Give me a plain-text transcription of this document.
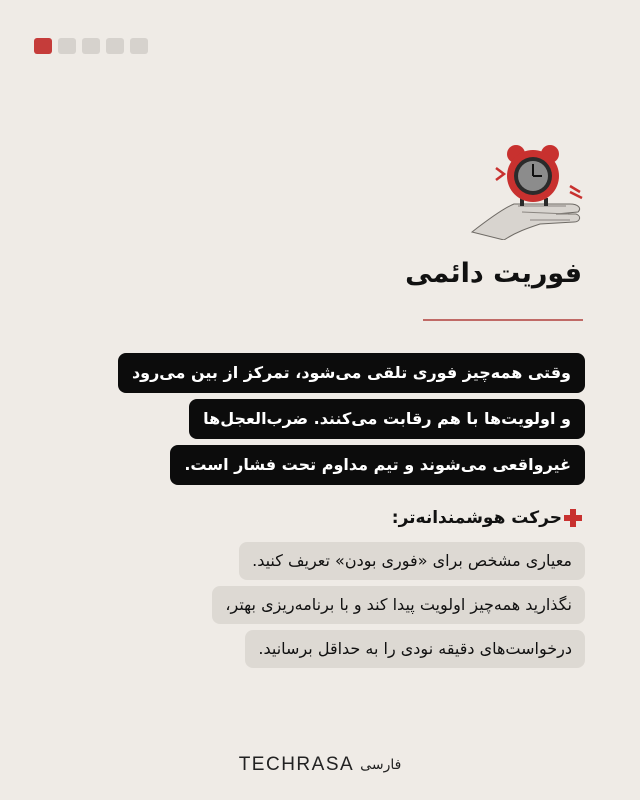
فوریت دائمی
وقتی همه‌چیز فوری تلقی می‌شود، تمرکز از بین می‌رود
و اولویت‌ها با هم رقابت می‌کنند. ضرب‌العجل‌ها
غیرواقعی می‌شوند و تیم مداوم تحت فشار است.
حرکت هوشمندانه‌تر:
معیاری مشخص برای «فوری بودن» تعریف کنید.
نگذارید همه‌چیز اولویت پیدا کند و با برنامه‌ریزی بهتر،
درخواست‌های دقیقه نودی را به حداقل برسانید.
TECHRASA فارسی
